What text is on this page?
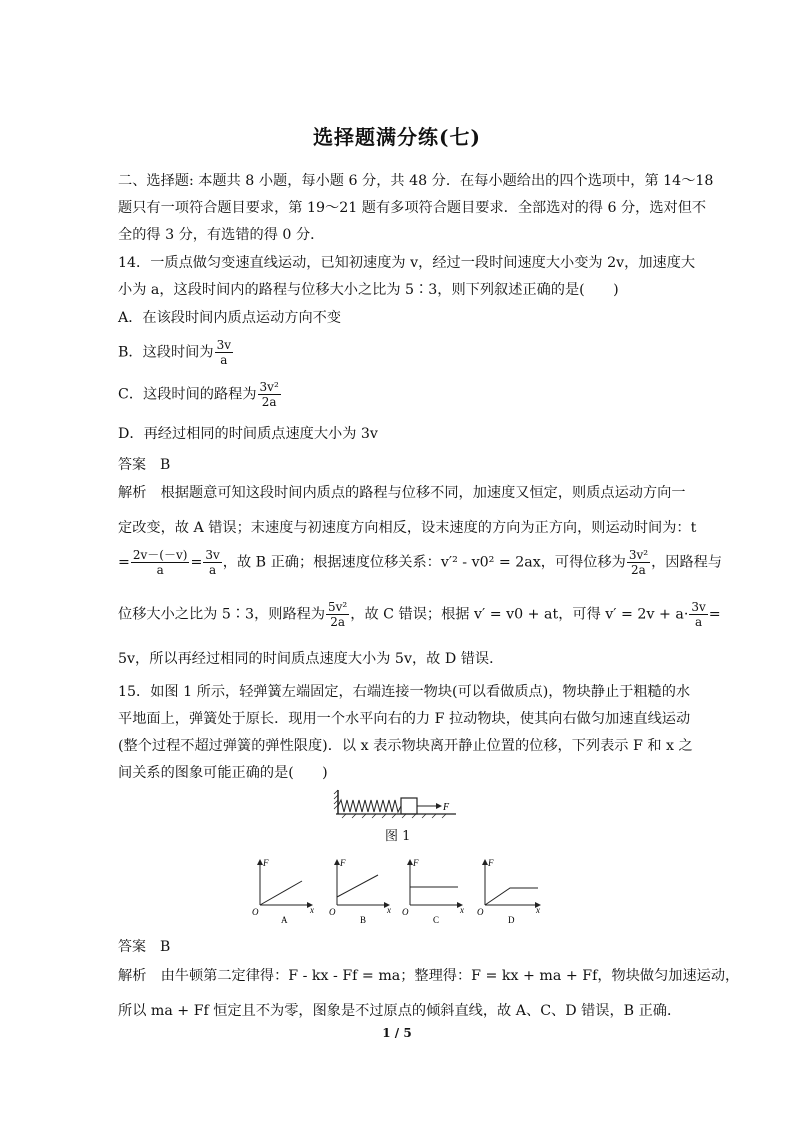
选择题满分练(七)
二、选择题: 本题共 8 小题，每小题 6 分，共 48 分．在每小题给出的四个选项中，第 14～18
题只有一项符合题目要求，第 19～21 题有多项符合题目要求．全部选对的得 6 分，选对但不
全的得 3 分，有选错的得 0 分．
14．一质点做匀变速直线运动，已知初速度为 v，经过一段时间速度大小变为 2v，加速度大
小为 a，这段时间内的路程与位移大小之比为 5∶3，则下列叙述正确的是(　　)
A．在该段时间内质点运动方向不变
B．这段时间为 $\frac{3v}{a}$
C．这段时间的路程为 $\frac{\text{3v²}}{2a}$
D．再经过相同的时间质点速度大小为 3v
答案　B
解析　根据题意可知这段时间内质点的路程与位移不同，加速度又恒定，则质点运动方向一
定改变，故 A 错误；末速度与初速度方向相反，设末速度的方向为正方向，则运动时间为：t
= $\frac{2v-(-v)}{a} = \frac{3v}{a}$ ，故 B 正确；根据速度位移关系：v′² - v0² = 2ax，可得位移为 $\frac{\text{3v²}}{2a}$ ，因路程与
位移大小之比为 5∶3，则路程为 $\frac{\text{5v²}}{2a}$ ，故 C 错误；根据 v′ = v0 + at，可得 $v' = 2v + a\cdot \frac{3v}{a}$ =
5v，所以再经过相同的时间质点速度大小为 5v，故 D 错误．
15．如图 1 所示，轻弹簧左端固定，右端连接一物块(可以看做质点)，物块静止于粗糙的水
平地面上，弹簧处于原长．现用一个水平向右的力 F 拉动物块，使其向右做匀加速直线运动
(整个过程不超过弹簧的弹性限度)．以 x 表示物块离开静止位置的位移，下列表示 F 和 x 之
间关系的图象可能正确的是(　　)
F
图 1
F
x
O
A
F
x
O
B
F
x
O
C
F
x
O
D
答案　B
解析　由牛顿第二定律得：F - kx - Ff = ma；整理得：F = kx + ma + Ff，物块做匀加速运动，
所以 ma + Ff 恒定且不为零，图象是不过原点的倾斜直线，故 A、C、D 错误，B 正确．
1 / 5
